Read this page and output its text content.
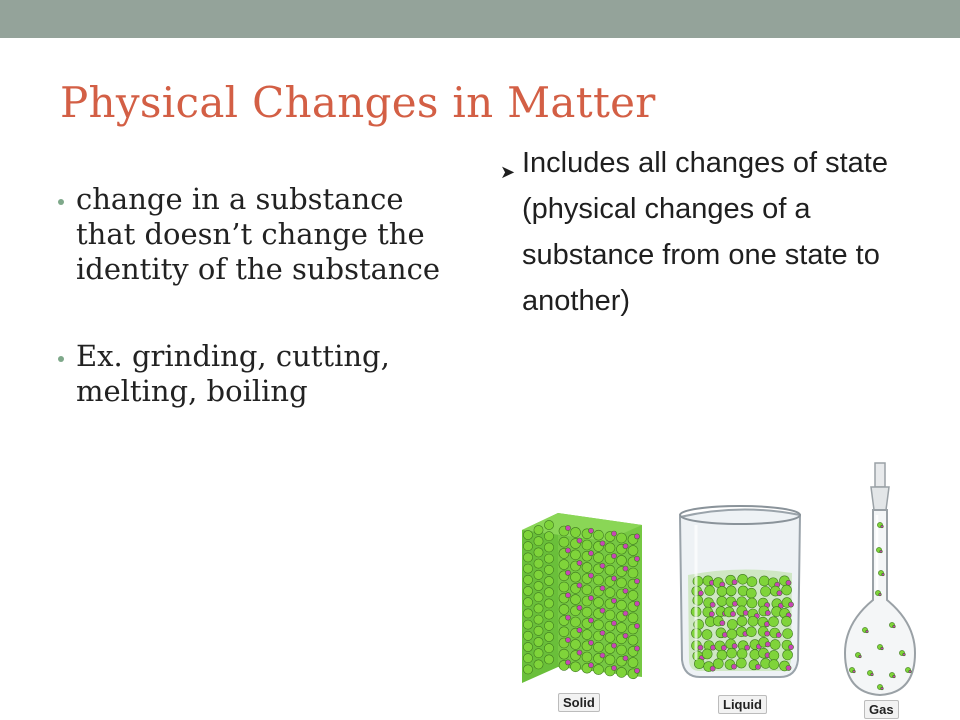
Physical Changes in Matter
change in a substance that doesn’t change the identity of the substance
Ex. grinding, cutting, melting, boiling
➤ Includes all changes of state (physical changes of a substance from one state to another)
Solid	Liquid	Gas
